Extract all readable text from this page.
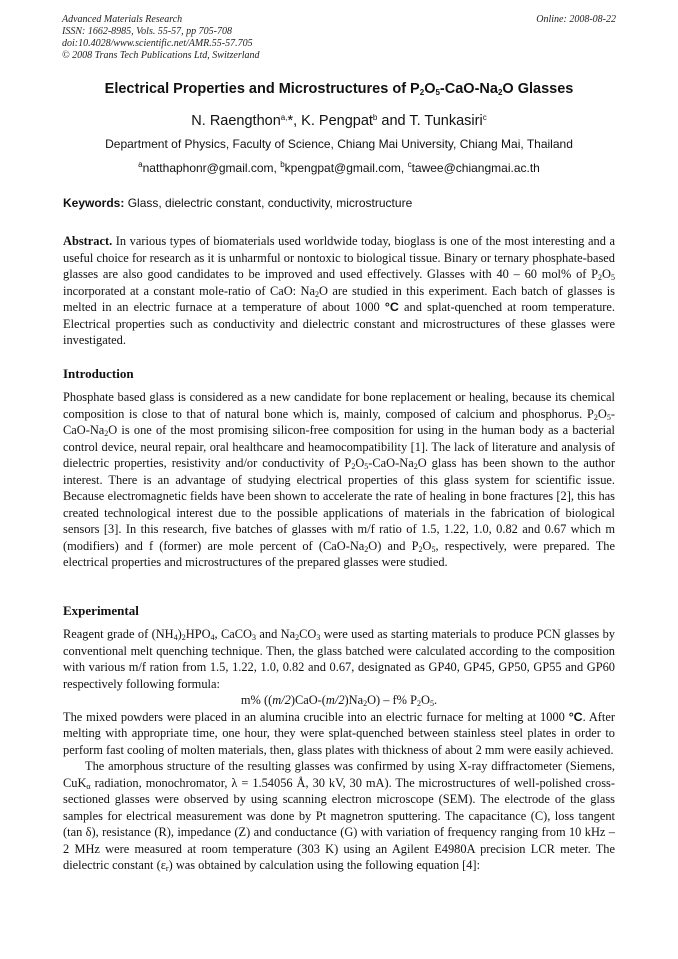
Advanced Materials Research
ISSN: 1662-8985, Vols. 55-57, pp 705-708
doi:10.4028/www.scientific.net/AMR.55-57.705
© 2008 Trans Tech Publications Ltd, Switzerland
Online: 2008-08-22
Electrical Properties and Microstructures of $P_2O_5-CaO-Na_2O$ Glasses
N. Raengthon$^{a,}$*, K. Pengpat$^b$ and T. Tunkasiri$^c$
Department of Physics, Faculty of Science, Chiang Mai University, Chiang Mai, Thailand
$^a$natthaphonr@gmail.com, $^b$kpengpat@gmail.com, $^c$tawee@chiangmai.ac.th
Keywords: Glass, dielectric constant, conductivity, microstructure

Abstract. In various types of biomaterials used worldwide today, bioglass is one of the most interesting and a useful choice for research as it is unharmful or nontoxic to biological tissue. Binary or ternary phosphate-based glasses are also good candidates to be improved and used effectively. Glasses with 40 – 60 mol% of $P_2O_5$ incorporated at a constant mole-ratio of CaO: $Na_2O$ are studied in this experiment. Each batch of glasses is melted in an electric furnace at a temperature of about 1000 °C and splat-quenched at room temperature. Electrical properties such as conductivity and dielectric constant and microstructures of these glasses were investigated.

Introduction

Phosphate based glass is considered as a new candidate for bone replacement or healing, because its chemical composition is close to that of natural bone which is, mainly, composed of calcium and phosphorus. $P_2O_5-CaO-Na_2O$ is one of the most promising silicon-free composition for using in the human body as a bacterial control device, neural repair, oral healthcare and heamocompatibility [1]. The lack of literature and analysis of dielectric properties, resistivity and/or conductivity of $P_2O_5-CaO-Na_2O$ glass has been shown to the author interest. There is an advantage of studying electrical properties of this glass system for scientific issue. Because electromagnetic fields have been shown to accelerate the rate of healing in bone fractures [2], this has created technological interest due to the possible applications of materials in the fabrication of biological sensors [3]. In this research, five batches of glasses with m/f ratio of 1.5, 1.22, 1.0, 0.82 and 0.67 which m (modifiers) and f (former) are mole percent of $(CaO-Na_2O)$ and $P_2O_5$, respectively, were prepared. The electrical properties and microstructures of the prepared glasses were studied.

Experimental

Reagent grade of $(NH_4)_2HPO_4$, CaCO$_3$ and $Na_2CO_3$ were used as starting materials to produce PCN glasses by conventional melt quenching technique. Then, the glass batched were calculated according to the composition with various m/f ration from 1.5, 1.22, 1.0, 0.82 and 0.67, designated as GP40, GP45, GP50, GP55 and GP60 respectively following formula:

m% $((m/2)CaO-(m/2)Na_2O) - f\%$ $P_2O_5$.

The mixed powders were placed in an alumina crucible into an electric furnace for melting at 1000 °C. After melting with appropriate time, one hour, they were splat-quenched between stainless steel plates in order to perform fast cooling of molten materials, then, glass plates with thickness of about 2 mm were easily achieved.

The amorphous structure of the resulting glasses was confirmed by using X-ray diffractometer (Siemens, CuK$_\alpha$ radiation, monochromator, λ = 1.54056 Å, 30 kV, 30 mA). The microstructures of well-polished cross-sectioned glasses were observed by using scanning electron microscope (SEM). The electrode of the glass samples for electrical measurement was done by Pt magnetron sputtering. The capacitance (C), loss tangent (tan δ), resistance (R), impedance (Z) and conductance (G) with variation of frequency ranging from 10 kHz – 2 MHz were measured at room temperature (303 K) using an Agilent E4980A precision LCR meter. The dielectric constant $(\varepsilon_r)$ was obtained by calculation using the following equation [4]:
